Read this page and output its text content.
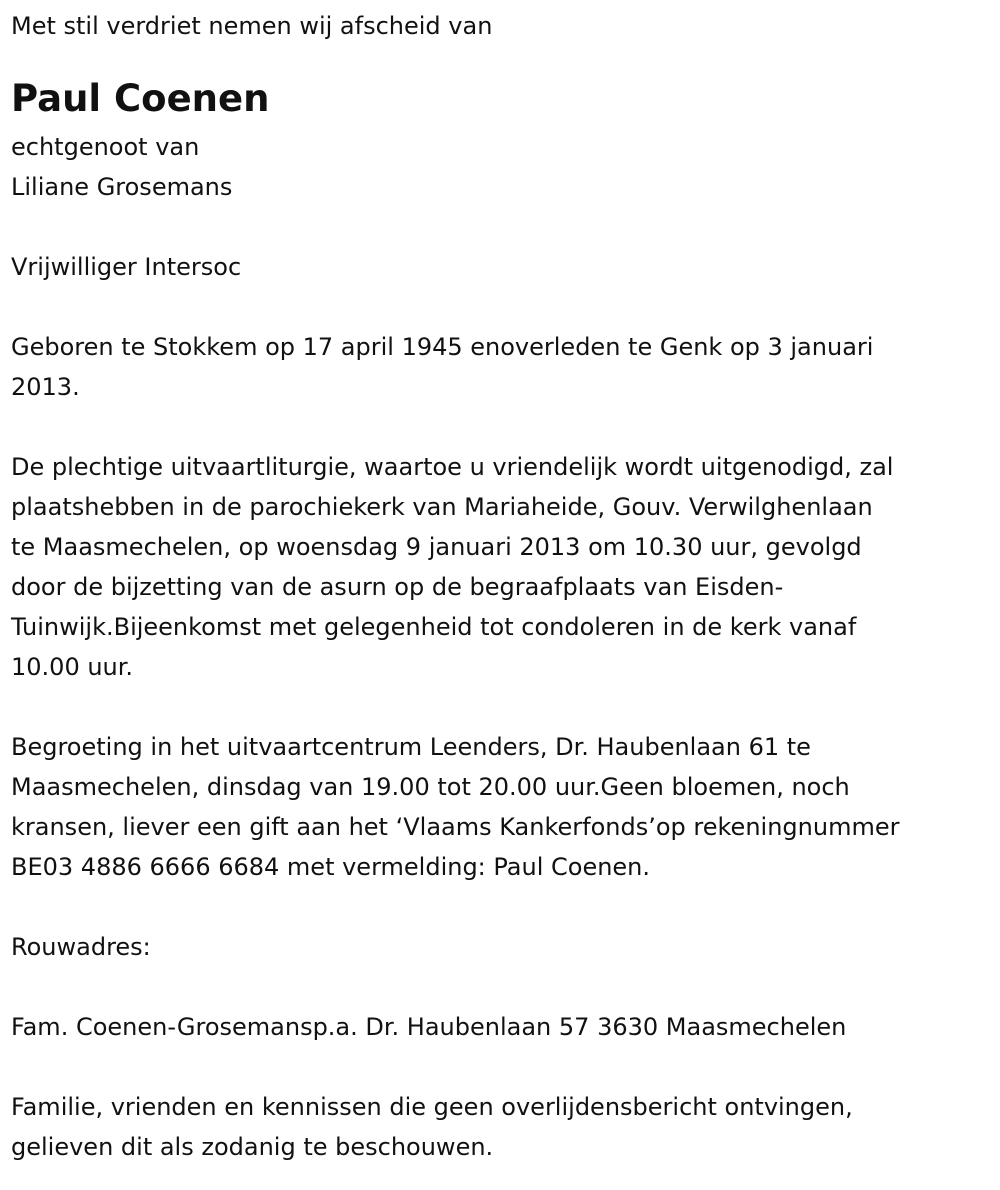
Met stil verdriet nemen wij afscheid van

Paul Coenen

echtgenoot van

Liliane Grosemans

Vrijwilliger Intersoc

Geboren te Stokkem op 17 april 1945 enoverleden te Genk op 3 januari

2013.

De plechtige uitvaartliturgie, waartoe u vriendelijk wordt uitgenodigd, zal

plaatshebben in de parochiekerk van Mariaheide, Gouv. Verwilghenlaan

te Maasmechelen, op woensdag 9 januari 2013 om 10.30 uur, gevolgd

door de bijzetting van de asurn op de begraafplaats van Eisden-

Tuinwijk.Bijeenkomst met gelegenheid tot condoleren in de kerk vanaf

10.00 uur.

Begroeting in het uitvaartcentrum Leenders, Dr. Haubenlaan 61 te

Maasmechelen, dinsdag van 19.00 tot 20.00 uur.Geen bloemen, noch

kransen, liever een gift aan het ‘Vlaams Kankerfonds’op rekeningnummer

BE03 4886 6666 6684 met vermelding: Paul Coenen.

Rouwadres:

Fam. Coenen-Grosemansp.a. Dr. Haubenlaan 57 3630 Maasmechelen

Familie, vrienden en kennissen die geen overlijdensbericht ontvingen,

gelieven dit als zodanig te beschouwen.
